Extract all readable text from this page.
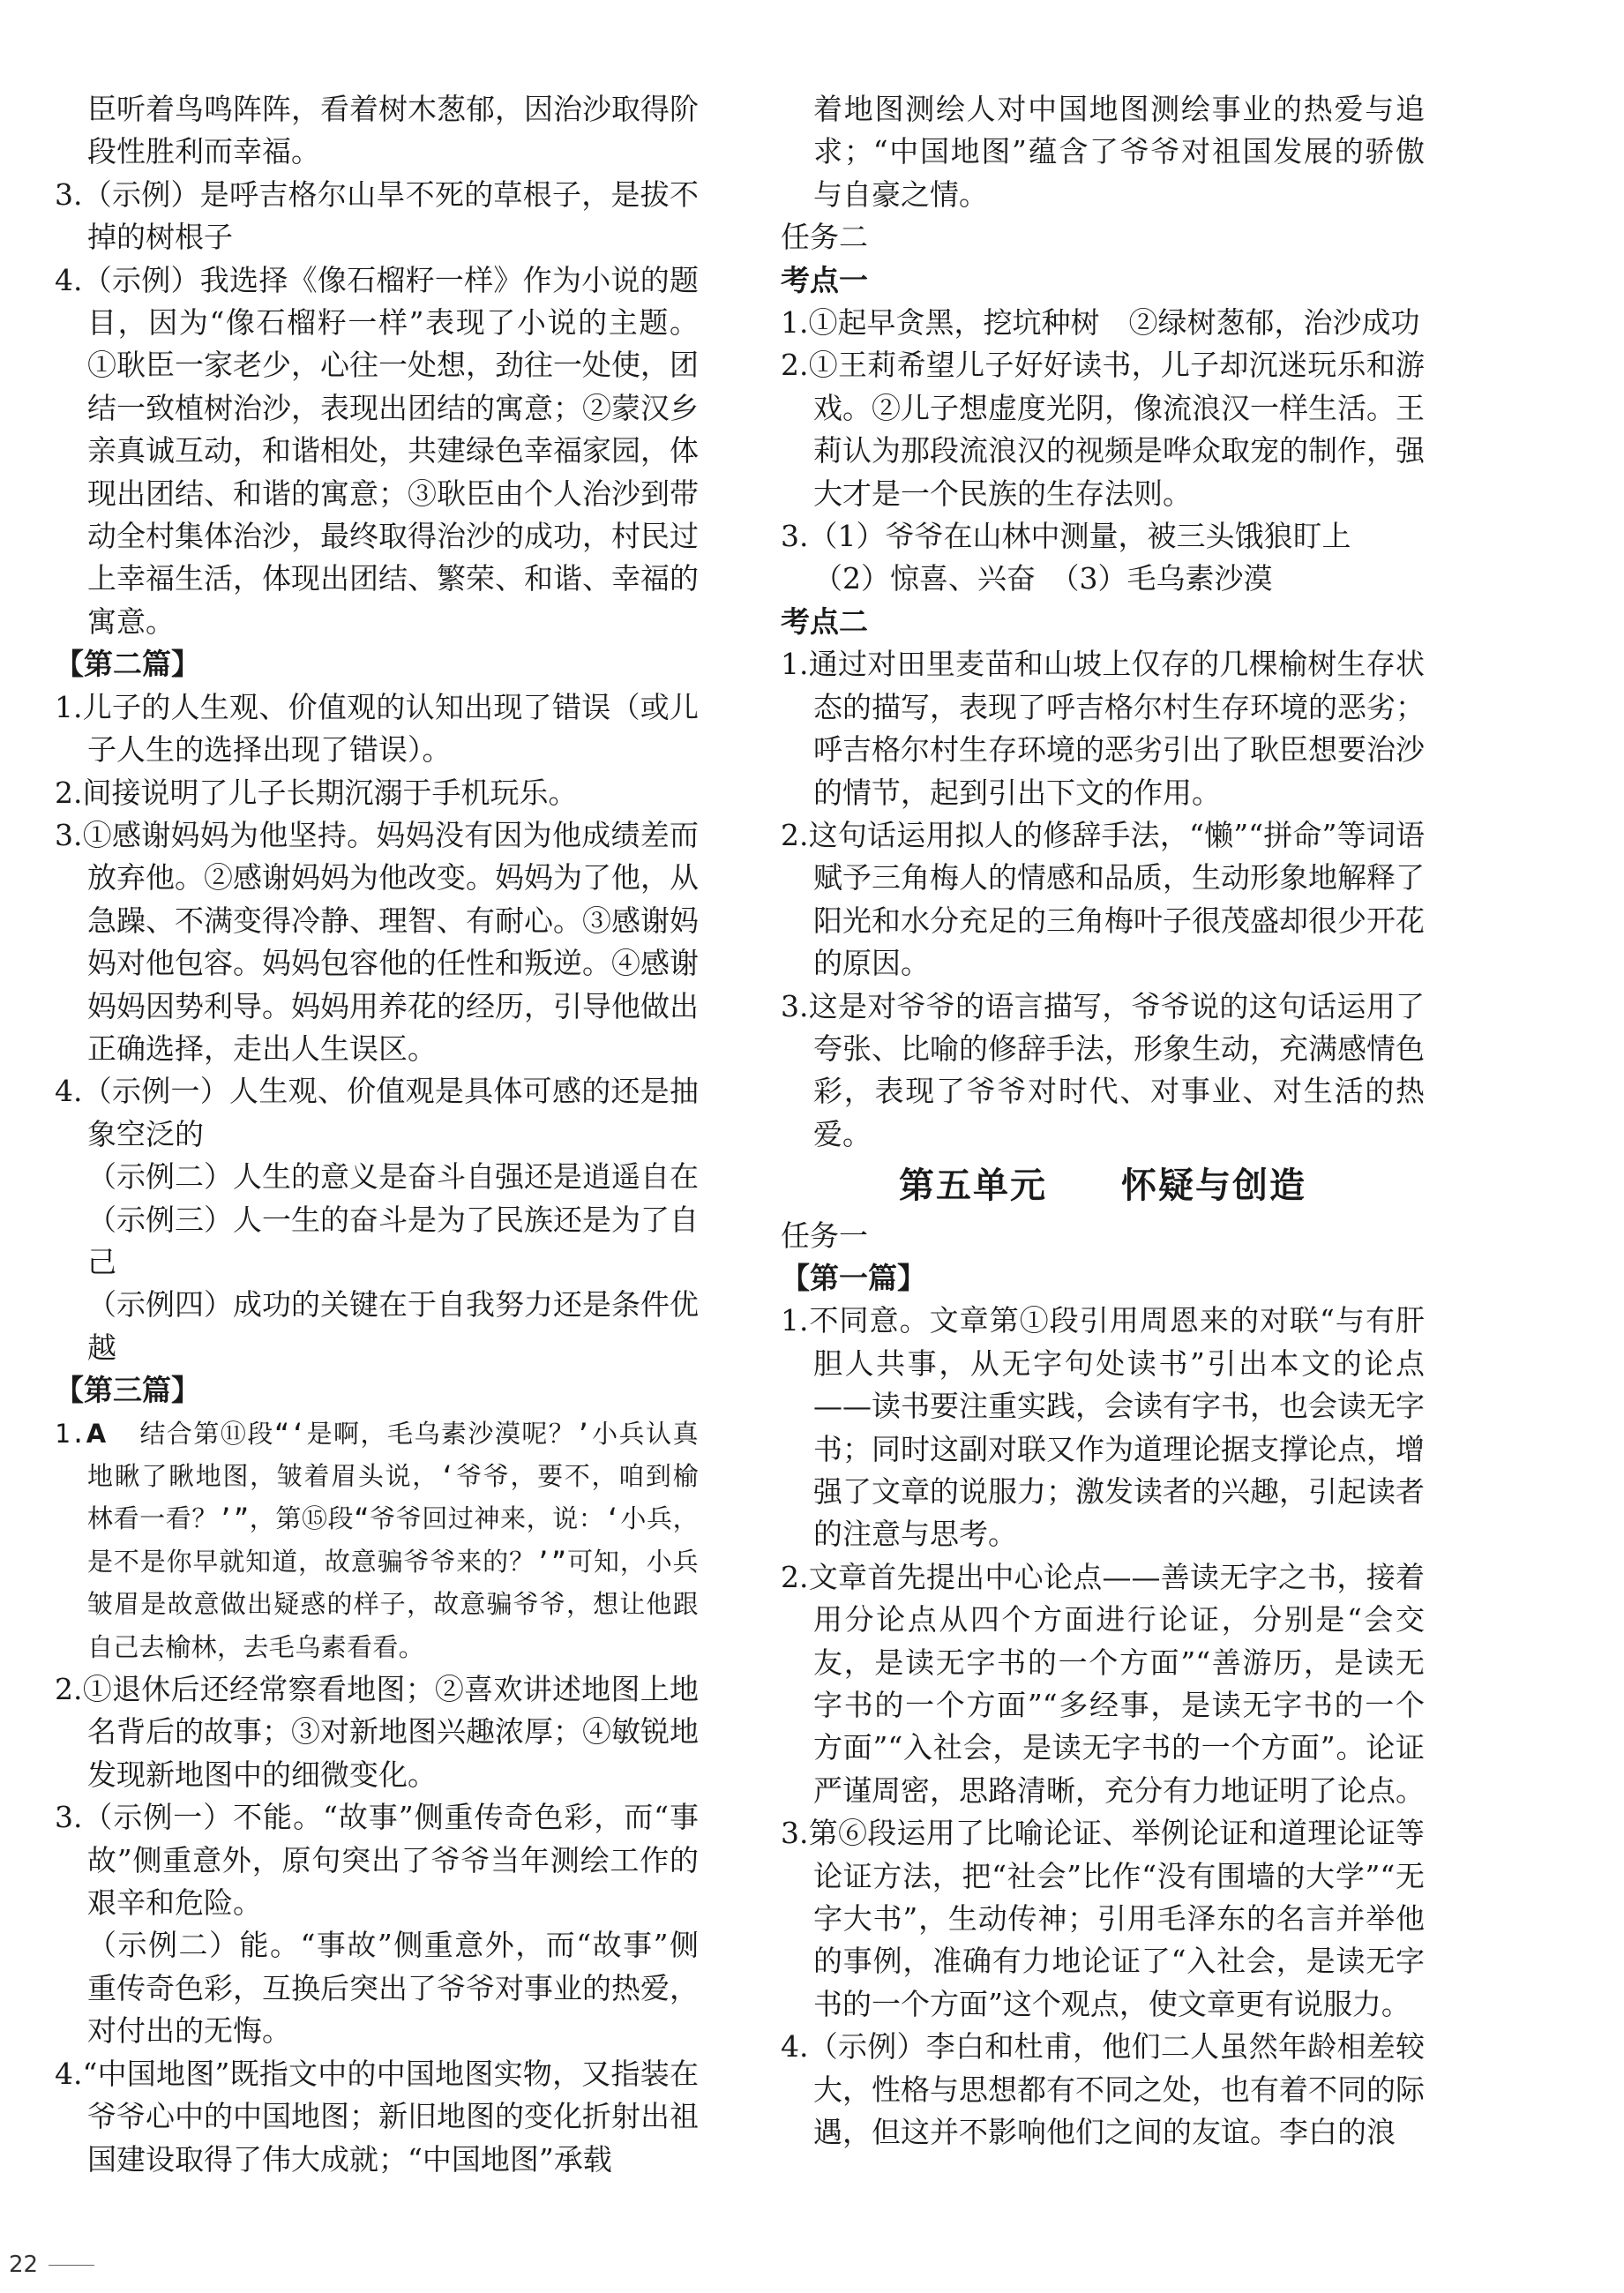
臣听着鸟鸣阵阵，看着树木葱郁，因治沙取得阶段性胜利而幸福。

3.（示例）是呼吉格尔山旱不死的草根子，是拔不掉的树根子

4.（示例）我选择《像石榴籽一样》作为小说的题目，因为“像石榴籽一样”表现了小说的主题。①耿臣一家老少，心往一处想，劲往一处使，团结一致植树治沙，表现出团结的寓意；②蒙汉乡亲真诚互动，和谐相处，共建绿色幸福家园，体现出团结、和谐的寓意；③耿臣由个人治沙到带动全村集体治沙，最终取得治沙的成功，村民过上幸福生活，体现出团结、繁荣、和谐、幸福的寓意。

【第二篇】

1.儿子的人生观、价值观的认知出现了错误（或儿子人生的选择出现了错误）。

2.间接说明了儿子长期沉溺于手机玩乐。

3.①感谢妈妈为他坚持。妈妈没有因为他成绩差而放弃他。②感谢妈妈为他改变。妈妈为了他，从急躁、不满变得冷静、理智、有耐心。③感谢妈妈对他包容。妈妈包容他的任性和叛逆。④感谢妈妈因势利导。妈妈用养花的经历，引导他做出正确选择，走出人生误区。

4.（示例一）人生观、价值观是具体可感的还是抽象空泛的

（示例二）人生的意义是奋斗自强还是逍遥自在

（示例三）人一生的奋斗是为了民族还是为了自己

（示例四）成功的关键在于自我努力还是条件优越

【第三篇】

1.A 结合第⑪段“‘是啊，毛乌素沙漠呢？’小兵认真地瞅了瞅地图，皱着眉头说，‘爷爷，要不，咱到榆林看一看？’”，第⑮段“爷爷回过神来，说：‘小兵，是不是你早就知道，故意骗爷爷来的？’”可知，小兵皱眉是故意做出疑惑的样子，故意骗爷爷，想让他跟自己去榆林，去毛乌素看看。

2.①退休后还经常察看地图；②喜欢讲述地图上地名背后的故事；③对新地图兴趣浓厚；④敏锐地发现新地图中的细微变化。

3.（示例一）不能。“故事”侧重传奇色彩，而“事故”侧重意外，原句突出了爷爷当年测绘工作的艰辛和危险。

（示例二）能。“事故”侧重意外，而“故事”侧重传奇色彩，互换后突出了爷爷对事业的热爱，对付出的无悔。

4.“中国地图”既指文中的中国地图实物，又指装在爷爷心中的中国地图；新旧地图的变化折射出祖国建设取得了伟大成就；“中国地图”承载

着地图测绘人对中国地图测绘事业的热爱与追求；“中国地图”蕴含了爷爷对祖国发展的骄傲与自豪之情。

任务二

考点一

1.①起早贪黑，挖坑种树　②绿树葱郁，治沙成功

2.①王莉希望儿子好好读书，儿子却沉迷玩乐和游戏。②儿子想虚度光阴，像流浪汉一样生活。王莉认为那段流浪汉的视频是哗众取宠的制作，强大才是一个民族的生存法则。

3.（1）爷爷在山林中测量，被三头饿狼盯上

（2）惊喜、兴奋　（3）毛乌素沙漠

考点二

1.通过对田里麦苗和山坡上仅存的几棵榆树生存状态的描写，表现了呼吉格尔村生存环境的恶劣；呼吉格尔村生存环境的恶劣引出了耿臣想要治沙的情节，起到引出下文的作用。

2.这句话运用拟人的修辞手法，“懒”“拼命”等词语赋予三角梅人的情感和品质，生动形象地解释了阳光和水分充足的三角梅叶子很茂盛却很少开花的原因。

3.这是对爷爷的语言描写，爷爷说的这句话运用了夸张、比喻的修辞手法，形象生动，充满感情色彩，表现了爷爷对时代、对事业、对生活的热爱。

第五单元　　怀疑与创造

任务一

【第一篇】

1.不同意。文章第①段引用周恩来的对联“与有肝胆人共事，从无字句处读书”引出本文的论点——读书要注重实践，会读有字书，也会读无字书；同时这副对联又作为道理论据支撑论点，增强了文章的说服力；激发读者的兴趣，引起读者的注意与思考。

2.文章首先提出中心论点——善读无字之书，接着用分论点从四个方面进行论证，分别是“会交友，是读无字书的一个方面”“善游历，是读无字书的一个方面”“多经事，是读无字书的一个方面”“入社会，是读无字书的一个方面”。论证严谨周密，思路清晰，充分有力地证明了论点。

3.第⑥段运用了比喻论证、举例论证和道理论证等论证方法，把“社会”比作“没有围墙的大学”“无字大书”，生动传神；引用毛泽东的名言并举他的事例，准确有力地论证了“入社会，是读无字书的一个方面”这个观点，使文章更有说服力。

4.（示例）李白和杜甫，他们二人虽然年龄相差较大，性格与思想都有不同之处，也有着不同的际遇，但这并不影响他们之间的友谊。李白的浪

22
